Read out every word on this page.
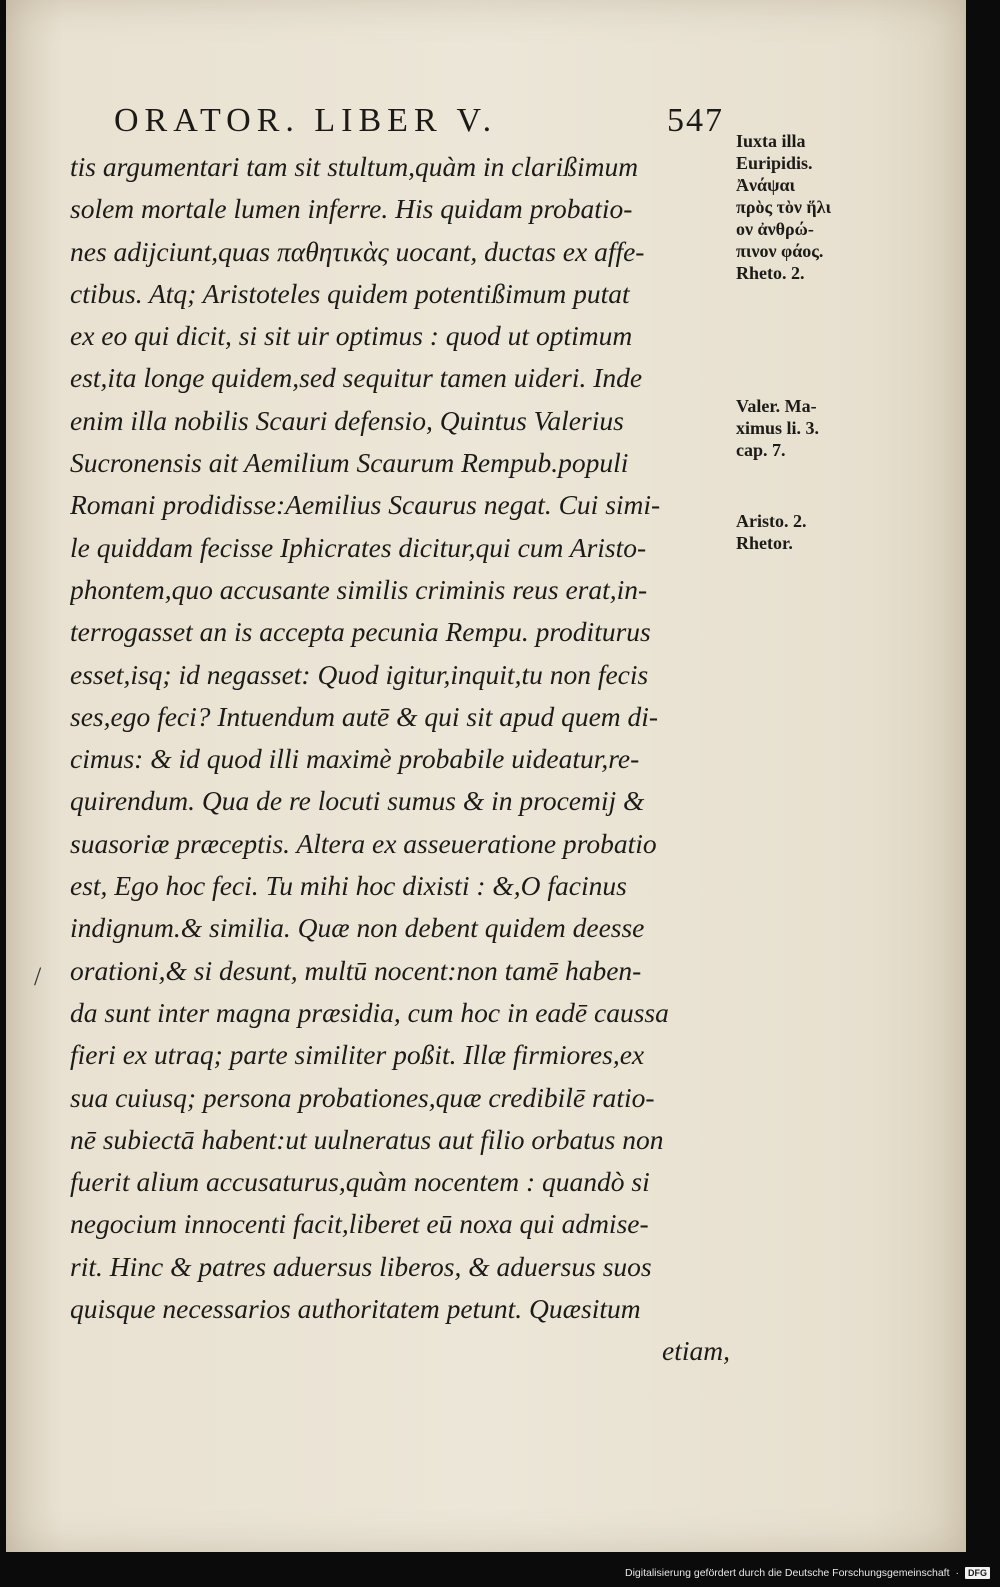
ORATOR. LIBER V.	547
tis argumentari tam sit stultum,quàm in clarißimum
solem mortale lumen inferre. His quidam probatio-
nes adijciunt,quas παθητικὰς uocant, ductas ex affe-
ctibus. Atq; Aristoteles quidem potentißimum putat
ex eo qui dicit, si sit uir optimus : quod ut optimum
est,ita longe quidem,sed sequitur tamen uideri. Inde
enim illa nobilis Scauri defensio, Quintus Valerius
Sucronensis ait Aemilium Scaurum Rempub.populi
Romani prodidisse:Aemilius Scaurus negat. Cui simi-
le quiddam fecisse Iphicrates dicitur,qui cum Aristo-
phontem,quo accusante similis criminis reus erat,in-
terrogasset an is accepta pecunia Rempu. proditurus
esset,isq; id negasset: Quod igitur,inquit,tu non fecis
ses,ego feci? Intuendum autē & qui sit apud quem di-
cimus: & id quod illi maximè probabile uideatur,re-
quirendum. Qua de re locuti sumus & in procemij &
suasoriæ præceptis. Altera ex asseueratione probatio
est, Ego hoc feci. Tu mihi hoc dixisti : &,O facinus
indignum.& similia. Quæ non debent quidem deesse
orationi,& si desunt, multū nocent:non tamē haben-
da sunt inter magna præsidia, cum hoc in eadē caussa
fieri ex utraq; parte similiter poßit. Illæ firmiores,ex
sua cuiusq; persona probationes,quæ credibilē ratio-
nē subiectā habent:ut uulneratus aut filio orbatus non
fuerit alium accusaturus,quàm nocentem : quandò si
negocium innocenti facit,liberet eū noxa qui admise-
rit. Hinc & patres aduersus liberos, & aduersus suos
quisque necessarios authoritatem petunt. Quæsitum
etiam,
Iuxta illa
Euripidis.
Ἀνάψαι
πρὸς τὸν ἥλι
ον ἀνθρώ-
πινον φάος.
Rheto. 2.
Valer. Ma-
ximus li. 3.
cap. 7.
Aristo. 2.
Rhetor.
/
Digitalisierung gefördert durch die Deutsche Forschungsgemeinschaft ·	DFG
